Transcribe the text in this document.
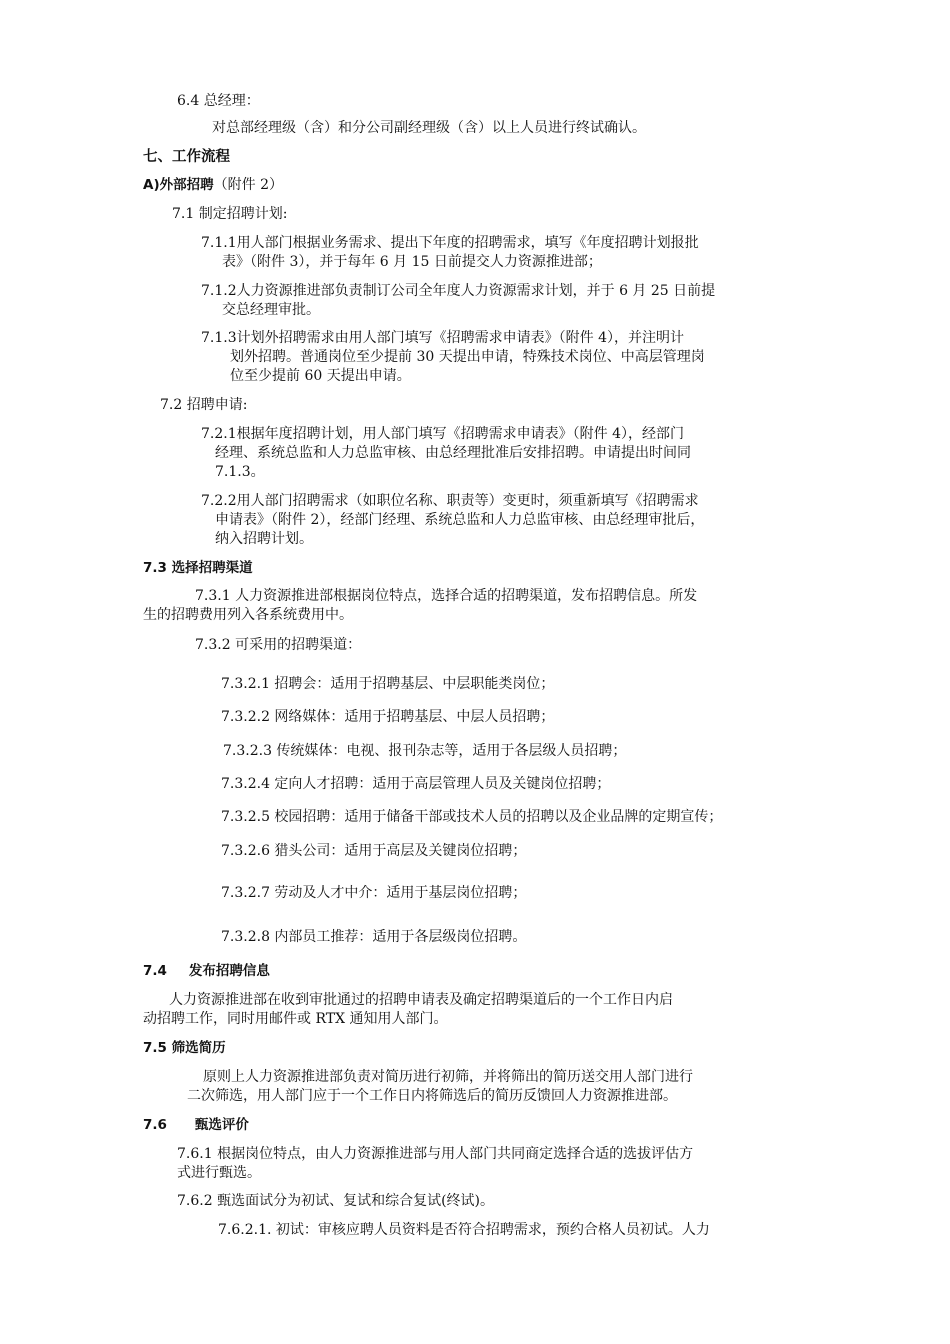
6.4 总经理：
对总部经理级（含）和分公司副经理级（含）以上人员进行终试确认。
七、工作流程
A)外部招聘（附件 2）
7.1 制定招聘计划:
7.1.1用人部门根据业务需求、提出下年度的招聘需求，填写《年度招聘计划报批
表》（附件 3），并于每年 6 月 15 日前提交人力资源推进部；
7.1.2人力资源推进部负责制订公司全年度人力资源需求计划，并于 6 月 25 日前提
交总经理审批。
7.1.3计划外招聘需求由用人部门填写《招聘需求申请表》（附件 4），并注明计
划外招聘。普通岗位至少提前 30 天提出申请，特殊技术岗位、中高层管理岗
位至少提前 60 天提出申请。
7.2 招聘申请:
7.2.1根据年度招聘计划，用人部门填写《招聘需求申请表》（附件 4），经部门
经理、系统总监和人力总监审核、由总经理批准后安排招聘。申请提出时间同
7.1.3。
7.2.2用人部门招聘需求（如职位名称、职责等）变更时，须重新填写《招聘需求
申请表》（附件 2），经部门经理、系统总监和人力总监审核、由总经理审批后，
纳入招聘计划。
7.3 选择招聘渠道
7.3.1 人力资源推进部根据岗位特点，选择合适的招聘渠道，发布招聘信息。所发
生的招聘费用列入各系统费用中。
7.3.2 可采用的招聘渠道：
7.3.2.1 招聘会：适用于招聘基层、中层职能类岗位；
7.3.2.2 网络媒体：适用于招聘基层、中层人员招聘；
7.3.2.3 传统媒体：电视、报刊杂志等，适用于各层级人员招聘；
7.3.2.4 定向人才招聘：适用于高层管理人员及关键岗位招聘；
7.3.2.5 校园招聘：适用于储备干部或技术人员的招聘以及企业品牌的定期宣传；
7.3.2.6 猎头公司：适用于高层及关键岗位招聘；
7.3.2.7 劳动及人才中介：适用于基层岗位招聘；
7.3.2.8 内部员工推荐：适用于各层级岗位招聘。
7.4 发布招聘信息
人力资源推进部在收到审批通过的招聘申请表及确定招聘渠道后的一个工作日内启
动招聘工作，同时用邮件或 RTX 通知用人部门。
7.5 筛选简历
原则上人力资源推进部负责对简历进行初筛，并将筛出的简历送交用人部门进行
二次筛选，用人部门应于一个工作日内将筛选后的简历反馈回人力资源推进部。
7.6 甄选评价
7.6.1 根据岗位特点，由人力资源推进部与用人部门共同商定选择合适的选拔评估方
式进行甄选。
7.6.2 甄选面试分为初试、复试和综合复试(终试)。
7.6.2.1. 初试：审核应聘人员资料是否符合招聘需求，预约合格人员初试。人力
